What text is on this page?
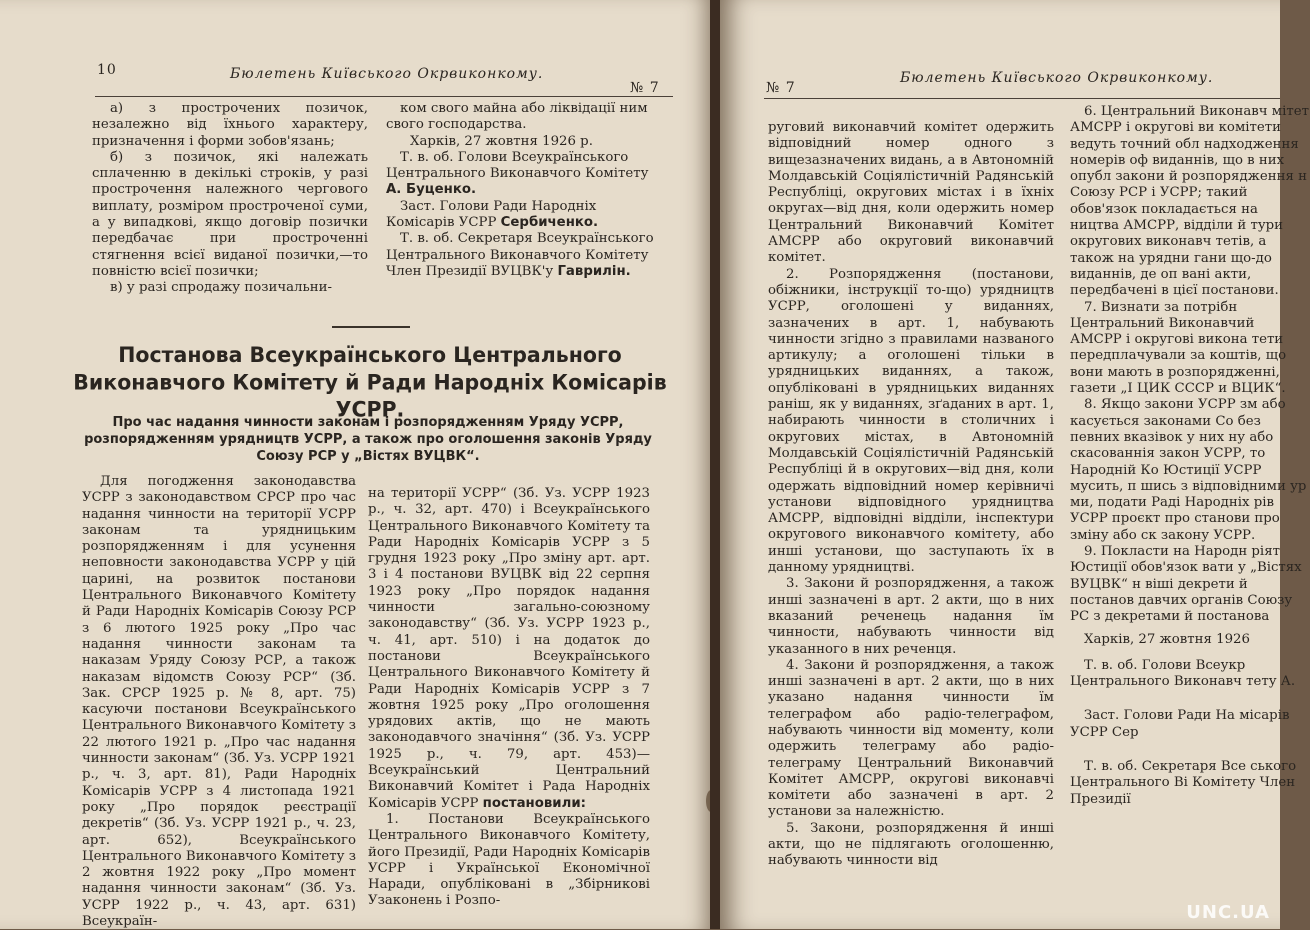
10	Бюлетень Київського Окрвиконкому.
№ 7

а) з прострочених позичок, незалежно від їхнього характеру, призначення і форми зобов'язань;

б) з позичок, які належать сплаченню в декількі строків, у разі прострочення належного чергового виплату, розміром простроченої суми, а у випадкові, якщо договір позички передбачає при простроченні стягнення всієї виданої позички,—то повністю всієї позички;

в) у разі спродажу позичальни-

ком свого майна або ліквідації ним свого господарства.

Харків, 27 жовтня 1926 р.

Т. в. об. Голови Всеукраїнського Центрального Виконавчого Комітету А. Буценко.

Заст. Голови Ради Народніх Комісарів УСРР Сербиченко.

Т. в. об. Секретаря Всеукраїнського Центрального Виконавчого Комітету Член Президії ВУЦВК'у Гаврилін.

Постанова Всеукраїнського Центрального Виконавчого Комітету й Ради Народніх Комісарів УСРР.
Про час надання чинности законам і розпорядженням Уряду УСРР, розпорядженням урядництв УСРР, а також про оголошення законів Уряду Союзу РСР у „Вістях ВУЦВК“.

Для погодження законодавства УСРР з законодавством СРСР про час надання чинности на території УСРР законам та урядницьким розпорядженням і для усунення неповности законодавства УСРР у цій царині, на розвиток постанови Центрального Виконавчого Комітету й Ради Народніх Комісарів Союзу РСР з 6 лютого 1925 року „Про час надання чинности законам та наказам Уряду Союзу РСР, а також наказам відомств Союзу РСР“ (Зб. Зак. СРСР 1925 р. № 8, арт. 75) касуючи постанови Всеукраїнського Центрального Виконавчого Комітету з 22 лютого 1921 р. „Про час надання чинности законам“ (Зб. Уз. УСРР 1921 р., ч. 3, арт. 81), Ради Народніх Комісарів УСРР з 4 листопада 1921 року „Про порядок реєстрації декретів“ (Зб. Уз. УСРР 1921 р., ч. 23, арт. 652), Всеукраїнського Центрального Виконавчого Комітету з 2 жовтня 1922 року „Про момент надання чинности законам“ (Зб. Уз. УСРР 1922 р., ч. 43, арт. 631) Всеукраїн-

на території УСРР“ (Зб. Уз. УСРР 1923 р., ч. 32, арт. 470) і Всеукраїнського Центрального Виконавчого Комітету та Ради Народніх Комісарів УСРР з 5 грудня 1923 року „Про зміну арт. арт. 3 і 4 постанови ВУЦВК від 22 серпня 1923 року „Про порядок надання чинности загально-союзному законодавству“ (Зб. Уз. УСРР 1923 р., ч. 41, арт. 510) і на додаток до постанови Всеукраїнського Центрального Виконавчого Комітету й Ради Народніх Комісарів УСРР з 7 жовтня 1925 року „Про оголошення урядових актів, що не мають законодавчого значіння“ (Зб. Уз. УСРР 1925 р., ч. 79, арт. 453)— Всеукраїнський Центральний Виконавчий Комітет і Рада Народніх Комісарів УСРР постановили:

1. Постанови Всеукраїнського Центрального Виконавчого Комітету, його Президії, Ради Народніх Комісарів УСРР і Української Економічної Наради, опубліковані в „Збірникові Узаконень і Розпо-

№ 7
Бюлетень Київського Окрвиконкому.

руговий виконавчий комітет одержить відповідний номер одного з вищезазначених видань, а в Автономній Молдавській Соціялістичній Радянській Республіці, округових містах і в їхніх округах—від дня, коли одержить номер Центральний Виконавчий Комітет АМСРР або округовий виконавчий комітет.

2. Розпорядження (постанови, обіжники, інструкції то-що) урядництв УСРР, оголошені у виданнях, зазначених в арт. 1, набувають чинности згідно з правилами названого артикулу; а оголошені тільки в урядницьких виданнях, а також, опубліковані в урядницьких виданнях раніш, як у виданнях, зґаданих в арт. 1, набирають чинности в столичних і округових містах, в Автономній Молдавській Соціялістичній Радянській Республіці й в округових—від дня, коли одержать відповідний номер керівничі установи відповідного урядництва АМСРР, відповідні відділи, інспектури округового виконавчого комітету, або инші установи, що заступають їх в данному урядництві.

3. Закони й розпорядження, а також инші зазначені в арт. 2 акти, що в них вказаний реченець надання їм чинности, набувають чинности від указанного в них реченця.

4. Закони й розпорядження, а також инші зазначені в арт. 2 акти, що в них указано надання чинности їм телеграфом або радіо-телеграфом, набувають чинности від моменту, коли одержить телеграму або радіо-телеграму Центральний Виконавчий Комітет АМСРР, округові виконавчі комітети або зазначені в арт. 2 установи за належністю.

5. Закони, розпорядження й инші акти, що не підлягають оголошенню, набувають чинности від

6. Центральний Виконавч мітет АМСРР і округові ви комітети ведуть точний обл надходження номерів оф виданнів, що в них опубл закони й розпорядження н Союзу РСР і УСРР; такий обов'язок покладається на ництва АМСРР, відділи й тури округових виконавч тетів, а також на урядни гани що-до виданнів, де оп вані акти, передбачені в цієї постанови.

7. Визнати за потрібн Центральний Виконавчий АМСРР і округові викона тети передплачували за коштів, що вони мають в розпорядженні, газети „І ЦИК СССР и ВЦИК“.

8. Якщо закони УСРР зм або касується законами Со без певних вказівок у них ну або скасованнія закон УСРР, то Народній Ко Юстиції УСРР мусить, п шись з відповідними ур ми, подати Раді Народніх рів УСРР проєкт про станови про зміну або ск закону УСРР.

9. Покласти на Народн ріят Юстиції обов'язок вати у „Вістях ВУЦВК“ н віші декрети й постанов давчих органів Союзу РС з декретами й постанова

Харків, 27 жовтня 1926

Т. в. об. Голови Всеукр Центрального Виконавч тету А.

Заст. Голови Ради На місарів УСРР Сер

Т. в. об. Секретаря Все ського Центрального Ві Комітету Член Президії

UNC.UA
